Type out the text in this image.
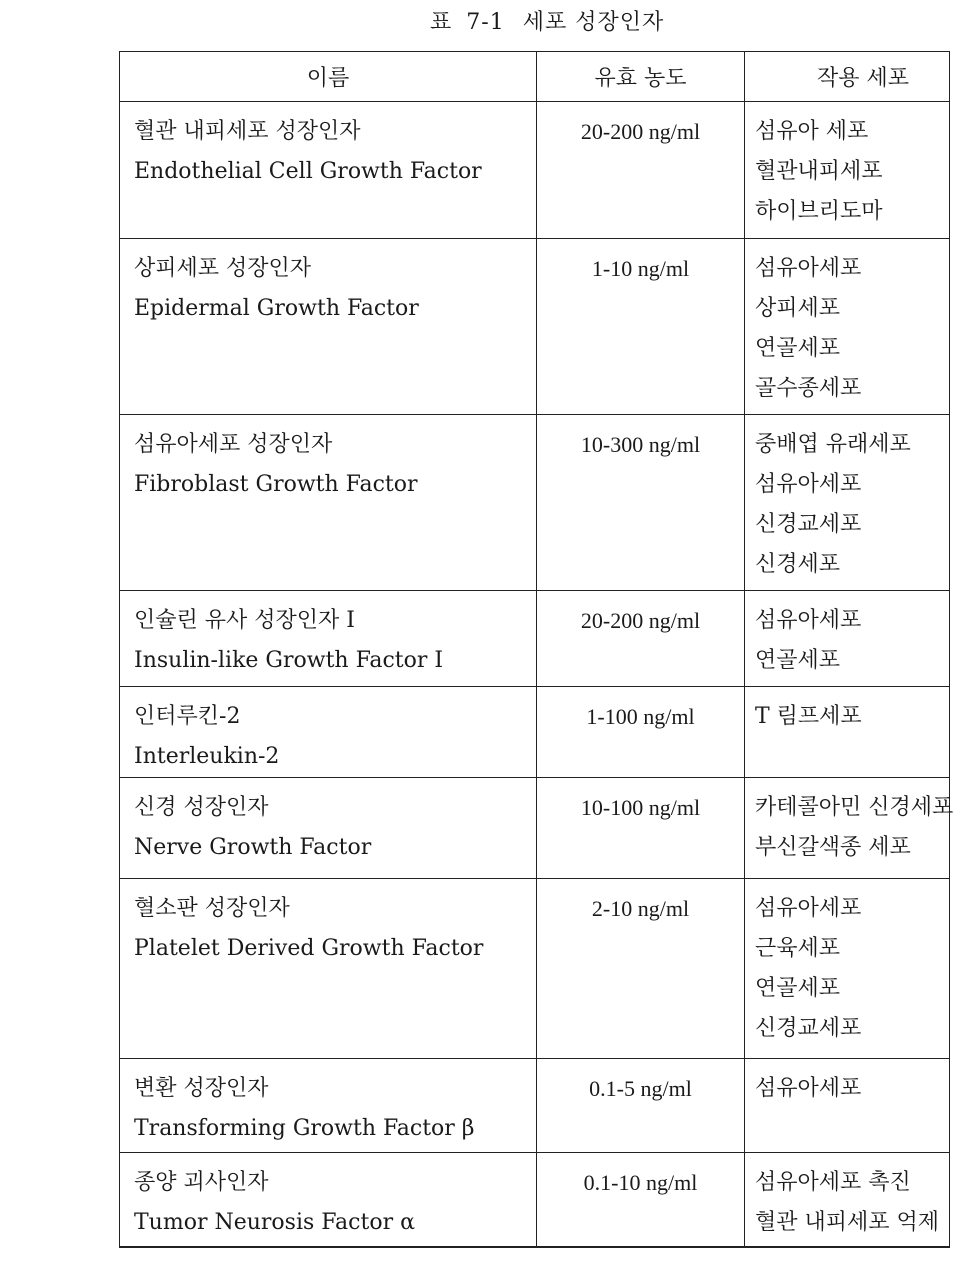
표 7-1 세포 성장인자
이름	유효 농도	작용 세포

혈관 내피세포 성장인자
Endothelial Cell Growth Factor	20-200 ng/ml	섬유아 세포
혈관내피세포
하이브리도마

상피세포 성장인자
Epidermal Growth Factor	1-10 ng/ml	섬유아세포
상피세포
연골세포
골수종세포

섬유아세포 성장인자
Fibroblast Growth Factor	10-300 ng/ml	중배엽 유래세포
섬유아세포
신경교세포
신경세포

인슐린 유사 성장인자 I
Insulin-like Growth Factor I	20-200 ng/ml	섬유아세포
연골세포

인터루킨-2
Interleukin-2	1-100 ng/ml	T 림프세포

신경 성장인자
Nerve Growth Factor	10-100 ng/ml	카테콜아민 신경세포
부신갈색종 세포

혈소판 성장인자
Platelet Derived Growth Factor	2-10 ng/ml	섬유아세포
근육세포
연골세포
신경교세포

변환 성장인자
Transforming Growth Factor β	0.1-5 ng/ml	섬유아세포

종양 괴사인자
Tumor Neurosis Factor α	0.1-10 ng/ml	섬유아세포 촉진
혈관 내피세포 억제
